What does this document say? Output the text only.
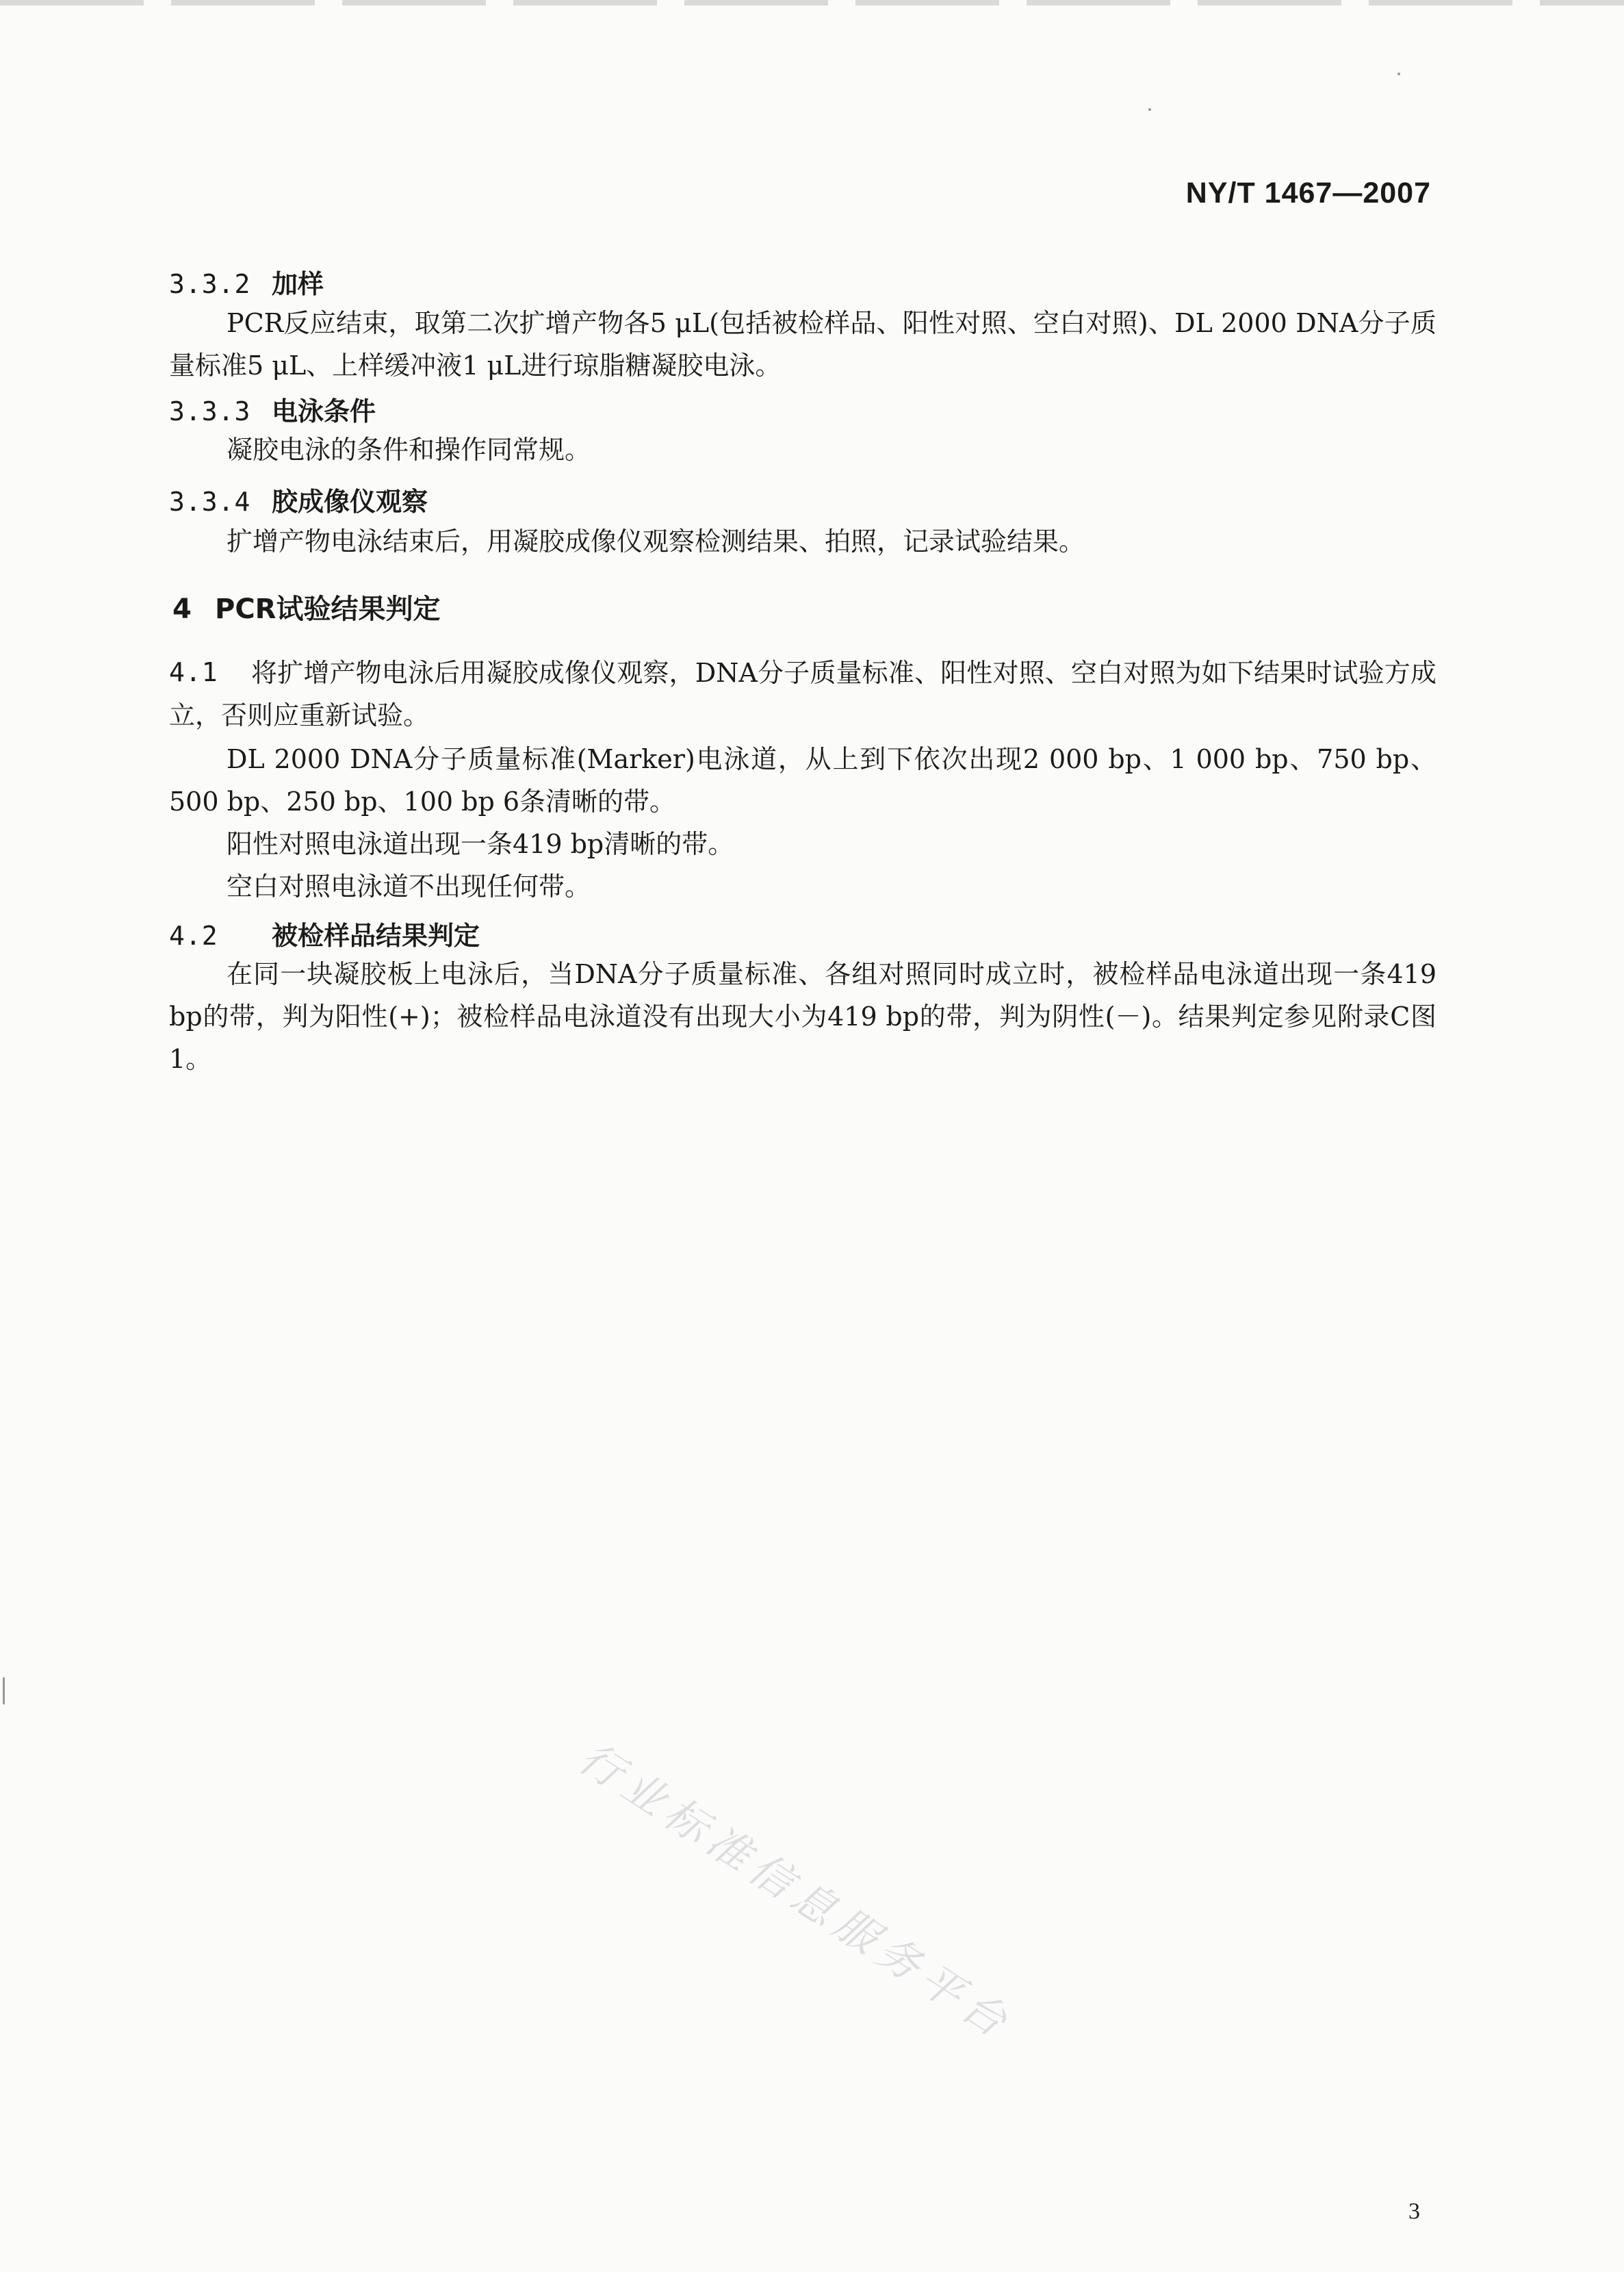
NY/T 1467—2007
3.3.2 加样
PCR反应结束，取第二次扩增产物各5 μL(包括被检样品、阳性对照、空白对照)、DL 2000 DNA分子质量标准5 μL、上样缓冲液1 μL进行琼脂糖凝胶电泳。
3.3.3 电泳条件
凝胶电泳的条件和操作同常规。
3.3.4 胶成像仪观察
扩增产物电泳结束后，用凝胶成像仪观察检测结果、拍照，记录试验结果。
4 PCR试验结果判定
4.1	将扩增产物电泳后用凝胶成像仪观察，DNA分子质量标准、阳性对照、空白对照为如下结果时试验方成立，否则应重新试验。
DL 2000 DNA分子质量标准(Marker)电泳道，从上到下依次出现2 000 bp、1 000 bp、750 bp、500 bp、250 bp、100 bp 6条清晰的带。
阳性对照电泳道出现一条419 bp清晰的带。
空白对照电泳道不出现任何带。
4.2 被检样品结果判定
在同一块凝胶板上电泳后，当DNA分子质量标准、各组对照同时成立时，被检样品电泳道出现一条419 bp的带，判为阳性(+)；被检样品电泳道没有出现大小为419 bp的带，判为阴性(－)。结果判定参见附录C图1。
行业标准信息服务平台
3
